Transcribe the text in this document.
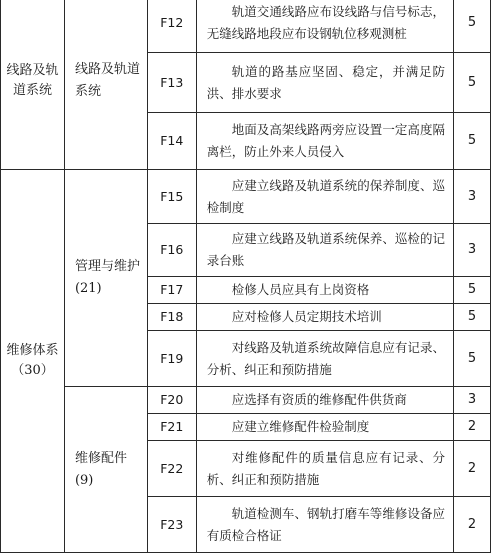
线路及轨道系统	线路及轨道系统	F12	轨道交通线路应布设线路与信号标志，无缝线路地段应布设钢轨位移观测桩	5
		F13	轨道的路基应坚固、稳定，并满足防洪、排水要求	5
		F14	地面及高架线路两旁应设置一定高度隔离栏，防止外来人员侵入	5
维修体系（30）	管理与维护(21)	F15	应建立线路及轨道系统的保养制度、巡检制度	3
		F16	应建立线路及轨道系统保养、巡检的记录台账	3
		F17	检修人员应具有上岗资格	5
		F18	应对检修人员定期技术培训	5
		F19	对线路及轨道系统故障信息应有记录、分析、纠正和预防措施	5
	维修配件(9)	F20	应选择有资质的维修配件供货商	3
		F21	应建立维修配件检验制度	2
		F22	对维修配件的质量信息应有记录、分析、纠正和预防措施	2
		F23	轨道检测车、钢轨打磨车等维修设备应有质检合格证	2
